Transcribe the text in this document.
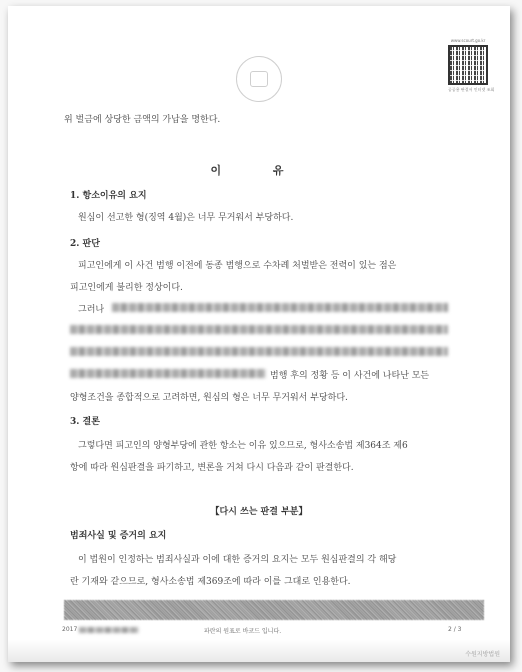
www.scourt.go.kr
공공용 판결서 인터넷 조회
위 벌금에 상당한 금액의 가납을 명한다.
이 유
1. 항소이유의 요지
원심이 선고한 형(징역 4월)은 너무 무거워서 부당하다.
2. 판단
피고인에게 이 사건 범행 이전에 동종 범행으로 수차례 처벌받은 전력이 있는 점은
피고인에게 불리한 정상이다.
그러나
범행 후의 정황 등 이 사건에 나타난 모든
양형조건을 종합적으로 고려하면, 원심의 형은 너무 무거워서 부당하다.
3. 결론
그렇다면 피고인의 양형부당에 관한 항소는 이유 있으므로, 형사소송법 제364조 제6
항에 따라 원심판결을 파기하고, 변론을 거쳐 다시 다음과 같이 판결한다.
【다시 쓰는 판결 부분】
범죄사실 및 증거의 요지
이 법원이 인정하는 범죄사실과 이에 대한 증거의 요지는 모두 원심판결의 각 해당
란 기재와 같으므로, 형사소송법 제369조에 따라 이를 그대로 인용한다.
2017	파란의 원표로 바코드 입니다.	2 / 3
수원지방법원
